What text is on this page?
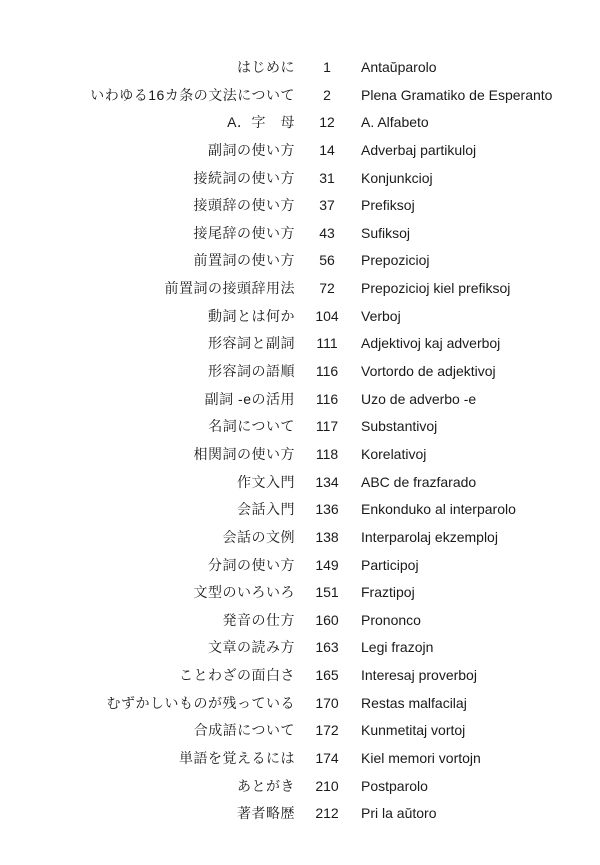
はじめに	1	Antaŭparolo
いわゆる16カ条の文法について	2	Plena Gramatiko de Esperanto
A．字　母	12	A. Alfabeto
副詞の使い方	14	Adverbaj partikuloj
接続詞の使い方	31	Konjunkcioj
接頭辞の使い方	37	Prefiksoj
接尾辞の使い方	43	Sufiksoj
前置詞の使い方	56	Prepozicioj
前置詞の接頭辞用法	72	Prepozicioj kiel prefiksoj
動詞とは何か	104	Verboj
形容詞と副詞	111	Adjektivoj kaj adverboj
形容詞の語順	116	Vortordo de adjektivoj
副詞 -eの活用	116	Uzo de adverbo -e
名詞について	117	Substantivoj
相関詞の使い方	118	Korelativoj
作文入門	134	ABC de frazfarado
会話入門	136	Enkonduko al interparolo
会話の文例	138	Interparolaj ekzemploj
分詞の使い方	149	Participoj
文型のいろいろ	151	Fraztipoj
発音の仕方	160	Prononco
文章の読み方	163	Legi frazojn
ことわざの面白さ	165	Interesaj proverboj
むずかしいものが残っている	170	Restas malfacilaj
合成語について	172	Kunmetitaj vortoj
単語を覚えるには	174	Kiel memori vortojn
あとがき	210	Postparolo
著者略歴	212	Pri la aŭtoro
